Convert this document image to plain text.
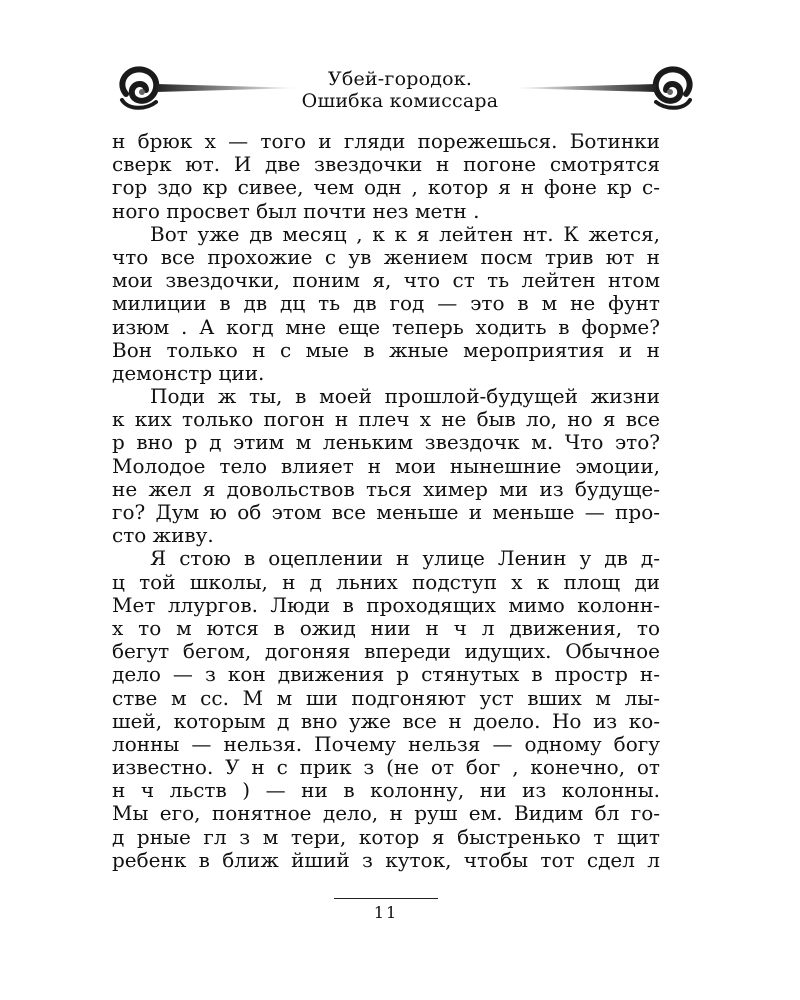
Убей-городок.
Ошибка комиссара
н брюк х — того и гляди порежешься. Ботинки
сверк ют. И две звездочки н погоне смотрятся
гор здо кр сивее, чем одн , котор я н фоне кр с-
ного просвет был почти нез метн .
Вот уже дв месяц , к к я лейтен нт. К жется,
что все прохожие с ув жением посм трив ют н
мои звездочки, поним я, что ст ть лейтен нтом
милиции в дв дц ть дв год — это в м не фунт
изюм . А когд мне еще теперь ходить в форме?
Вон только н с мые в жные мероприятия и н
демонстр ции.
Поди ж ты, в моей прошлой-будущей жизни
к ких только погон н плеч х не быв ло, но я все
р вно р д этим м леньким звездочк м. Что это?
Молодое тело влияет н мои нынешние эмоции,
не жел я довольствов ться химер ми из будуще-
го? Дум ю об этом все меньше и меньше — про-
сто живу.
Я стою в оцеплении н улице Ленин у дв д-
ц той школы, н д льних подступ х к площ ди
Мет ллургов. Люди в проходящих мимо колонн-
х то м ются в ожид нии н ч л движения, то
бегут бегом, догоняя впереди идущих. Обычное
дело — з кон движения р стянутых в простр н-
стве м сс. М м ши подгоняют уст вших м лы-
шей, которым д вно уже все н доело. Но из ко-
лонны — нельзя. Почему нельзя — одному богу
известно. У н с прик з (не от бог , конечно, от
н ч льств ) — ни в колонну, ни из колонны.
Мы его, понятное дело, н руш ем. Видим бл го-
д рные гл з м тери, котор я быстренько т щит
ребенк в ближ йший з куток, чтобы тот сдел л
11
